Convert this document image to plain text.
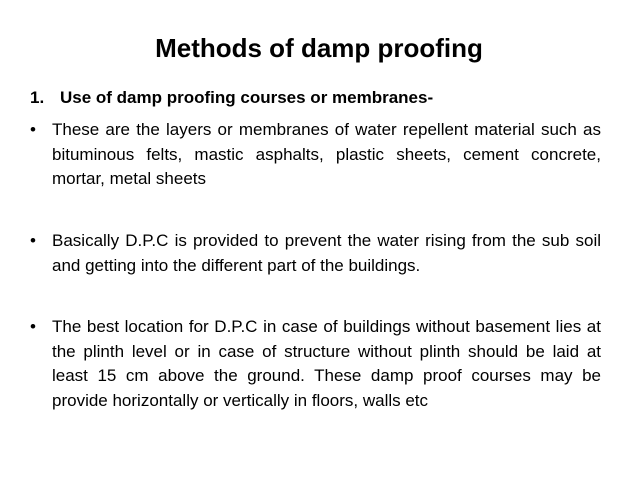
Methods of damp proofing
1. Use of damp proofing courses or membranes-
• These are the layers or membranes of water repellent material such as bituminous felts, mastic asphalts, plastic sheets, cement concrete, mortar, metal sheets
• Basically D.P.C is provided to prevent the water rising from the sub soil and getting into the different part of the buildings.
• The best location for D.P.C in case of buildings without basement lies at the plinth level or in case of structure without plinth should be laid at least 15 cm above the ground. These damp proof courses may be provide horizontally or vertically in floors, walls etc
